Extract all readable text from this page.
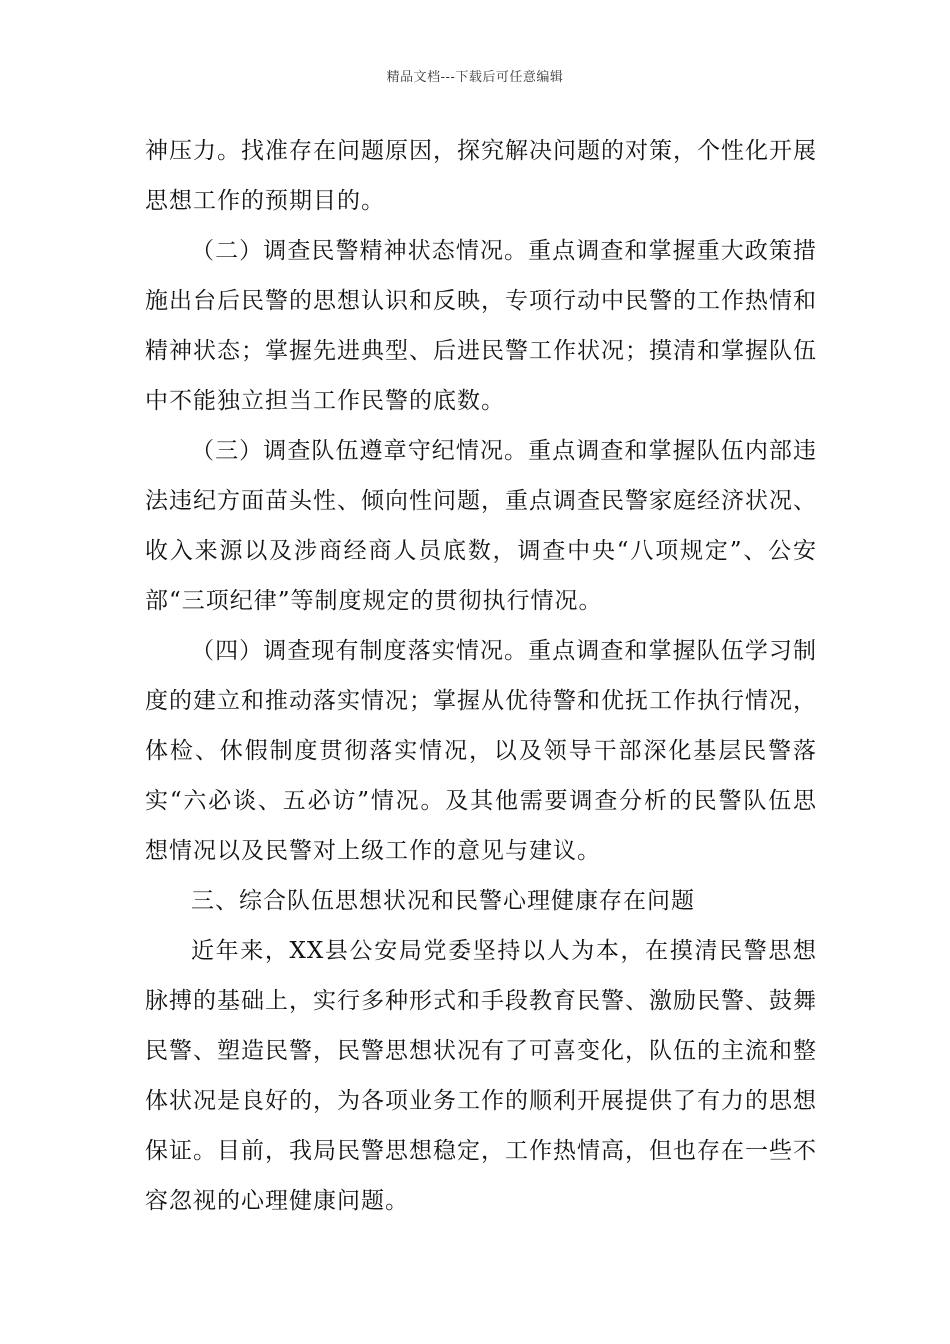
精品文档---下载后可任意编辑

神压力。找准存在问题原因，探究解决问题的对策，个性化开展思想工作的预期目的。

（二）调查民警精神状态情况。重点调查和掌握重大政策措施出台后民警的思想认识和反映，专项行动中民警的工作热情和精神状态；掌握先进典型、后进民警工作状况；摸清和掌握队伍中不能独立担当工作民警的底数。

（三）调查队伍遵章守纪情况。重点调查和掌握队伍内部违法违纪方面苗头性、倾向性问题，重点调查民警家庭经济状况、收入来源以及涉商经商人员底数，调查中央“八项规定”、公安部“三项纪律”等制度规定的贯彻执行情况。

（四）调查现有制度落实情况。重点调查和掌握队伍学习制度的建立和推动落实情况；掌握从优待警和优抚工作执行情况，体检、休假制度贯彻落实情况，以及领导干部深化基层民警落实“六必谈、五必访”情况。及其他需要调查分析的民警队伍思想情况以及民警对上级工作的意见与建议。

三、综合队伍思想状况和民警心理健康存在问题

近年来，XX县公安局党委坚持以人为本，在摸清民警思想脉搏的基础上，实行多种形式和手段教育民警、激励民警、鼓舞民警、塑造民警，民警思想状况有了可喜变化，队伍的主流和整体状况是良好的，为各项业务工作的顺利开展提供了有力的思想保证。目前，我局民警思想稳定，工作热情高，但也存在一些不容忽视的心理健康问题。
